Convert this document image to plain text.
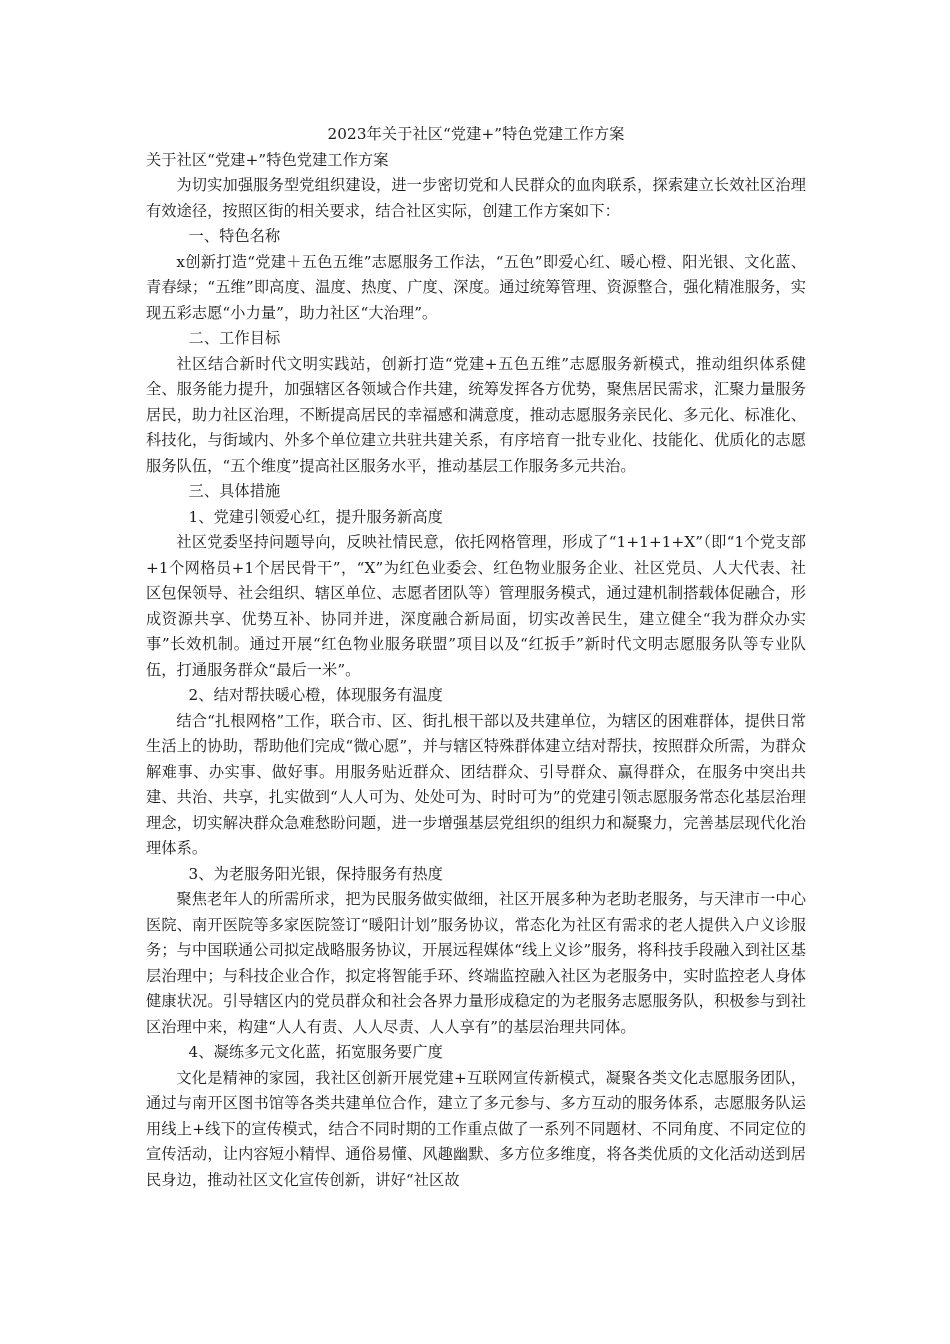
2023年关于社区“党建+”特色党建工作方案
关于社区“党建+”特色党建工作方案

为切实加强服务型党组织建设，进一步密切党和人民群众的血肉联系，探索建立长效社区治理有效途径，按照区街的相关要求，结合社区实际，创建工作方案如下：

一、特色名称

x创新打造“党建＋五色五维”志愿服务工作法，“五色”即爱心红、暖心橙、阳光银、文化蓝、青春绿；“五维”即高度、温度、热度、广度、深度。通过统筹管理、资源整合，强化精准服务，实现五彩志愿“小力量”，助力社区“大治理”。

二、工作目标

社区结合新时代文明实践站，创新打造“党建+五色五维”志愿服务新模式，推动组织体系健全、服务能力提升，加强辖区各领域合作共建，统筹发挥各方优势，聚焦居民需求，汇聚力量服务居民，助力社区治理，不断提高居民的幸福感和满意度，推动志愿服务亲民化、多元化、标准化、科技化，与街域内、外多个单位建立共驻共建关系，有序培育一批专业化、技能化、优质化的志愿服务队伍，“五个维度”提高社区服务水平，推动基层工作服务多元共治。

三、具体措施

1、党建引领爱心红，提升服务新高度

社区党委坚持问题导向，反映社情民意，依托网格管理，形成了“1+1+1+X”（即“1个党支部+1个网格员+1个居民骨干”，“X”为红色业委会、红色物业服务企业、社区党员、人大代表、社区包保领导、社会组织、辖区单位、志愿者团队等）管理服务模式，通过建机制搭载体促融合，形成资源共享、优势互补、协同并进，深度融合新局面，切实改善民生，建立健全“我为群众办实事”长效机制。通过开展“红色物业服务联盟”项目以及“红扳手”新时代文明志愿服务队等专业队伍，打通服务群众“最后一米”。

2、结对帮扶暖心橙，体现服务有温度

结合“扎根网格”工作，联合市、区、街扎根干部以及共建单位，为辖区的困难群体，提供日常生活上的协助，帮助他们完成“微心愿”，并与辖区特殊群体建立结对帮扶，按照群众所需，为群众解难事、办实事、做好事。用服务贴近群众、团结群众、引导群众、赢得群众，在服务中突出共建、共治、共享，扎实做到“人人可为、处处可为、时时可为”的党建引领志愿服务常态化基层治理理念，切实解决群众急难愁盼问题，进一步增强基层党组织的组织力和凝聚力，完善基层现代化治理体系。

3、为老服务阳光银，保持服务有热度

聚焦老年人的所需所求，把为民服务做实做细，社区开展多种为老助老服务，与天津市一中心医院、南开医院等多家医院签订“暖阳计划”服务协议，常态化为社区有需求的老人提供入户义诊服务；与中国联通公司拟定战略服务协议，开展远程媒体“线上义诊”服务，将科技手段融入到社区基层治理中；与科技企业合作，拟定将智能手环、终端监控融入社区为老服务中，实时监控老人身体健康状况。引导辖区内的党员群众和社会各界力量形成稳定的为老服务志愿服务队，积极参与到社区治理中来，构建“人人有责、人人尽责、人人享有”的基层治理共同体。

4、凝练多元文化蓝，拓宽服务要广度

文化是精神的家园，我社区创新开展党建+互联网宣传新模式，凝聚各类文化志愿服务团队，通过与南开区图书馆等各类共建单位合作，建立了多元参与、多方互动的服务体系，志愿服务队运用线上+线下的宣传模式，结合不同时期的工作重点做了一系列不同题材、不同角度、不同定位的宣传活动，让内容短小精悍、通俗易懂、风趣幽默、多方位多维度，将各类优质的文化活动送到居民身边，推动社区文化宣传创新，讲好“社区故
